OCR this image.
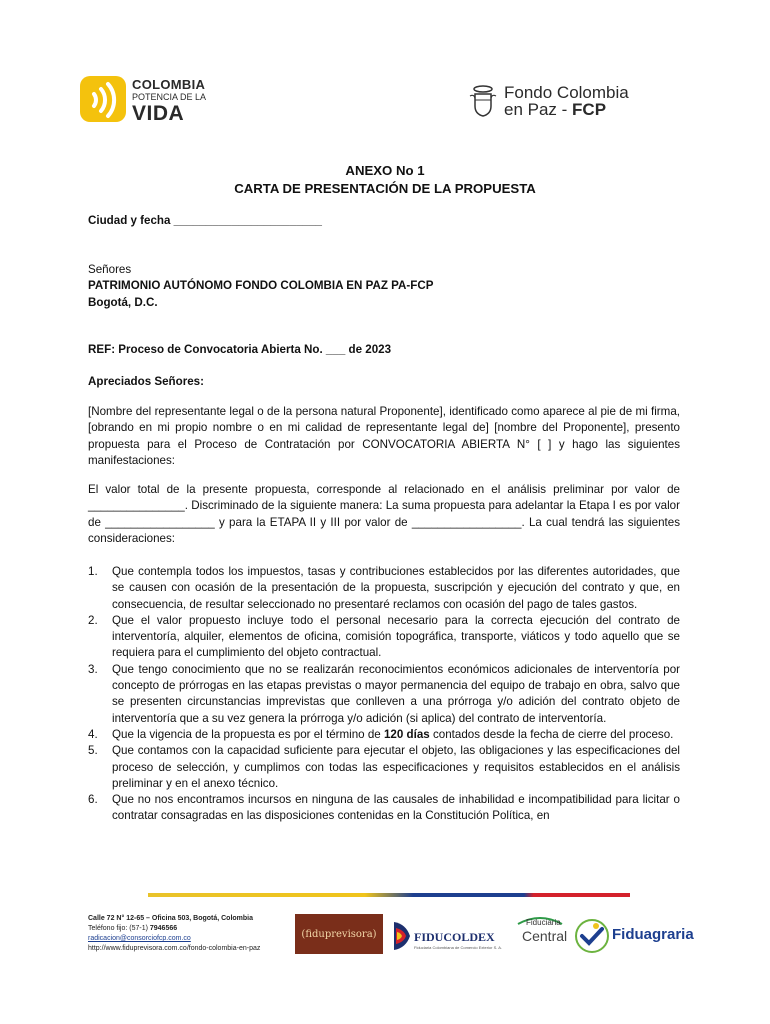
COLOMBIA
POTENCIA DE LA
VIDA
Fondo Colombia
en Paz - FCP
ANEXO No 1
CARTA DE PRESENTACIÓN DE LA PROPUESTA
Ciudad y fecha _______________________
Señores
PATRIMONIO AUTÓNOMO FONDO COLOMBIA EN PAZ PA-FCP
Bogotá, D.C.
REF: Proceso de Convocatoria Abierta No. ___ de 2023
Apreciados Señores:

[Nombre del representante legal o de la persona natural Proponente], identificado como aparece al pie de mi firma, [obrando en mi propio nombre o en mi calidad de representante legal de] [nombre del Proponente], presento propuesta para el Proceso de Contratación por CONVOCATORIA ABIERTA N° [ ] y hago las siguientes manifestaciones:

El valor total de la presente propuesta, corresponde al relacionado en el análisis preliminar por valor de _______________. Discriminado de la siguiente manera: La suma propuesta para adelantar la Etapa I es por valor de _________________ y para la ETAPA II y III por valor de _________________. La cual tendrá las siguientes consideraciones:

1. Que contempla todos los impuestos, tasas y contribuciones establecidos por las diferentes autoridades, que se causen con ocasión de la presentación de la propuesta, suscripción y ejecución del contrato y que, en consecuencia, de resultar seleccionado no presentaré reclamos con ocasión del pago de tales gastos.
2. Que el valor propuesto incluye todo el personal necesario para la correcta ejecución del contrato de interventoría, alquiler, elementos de oficina, comisión topográfica, transporte, viáticos y todo aquello que se requiera para el cumplimiento del objeto contractual.
3. Que tengo conocimiento que no se realizarán reconocimientos económicos adicionales de interventoría por concepto de prórrogas en las etapas previstas o mayor permanencia del equipo de trabajo en obra, salvo que se presenten circunstancias imprevistas que conlleven a una prórroga y/o adición del contrato objeto de interventoría que a su vez genera la prórroga y/o adición (si aplica) del contrato de interventoría.
4. Que la vigencia de la propuesta es por el término de 120 días contados desde la fecha de cierre del proceso.
5. Que contamos con la capacidad suficiente para ejecutar el objeto, las obligaciones y las especificaciones del proceso de selección, y cumplimos con todas las especificaciones y requisitos establecidos en el análisis preliminar y en el anexo técnico.
6. Que no nos encontramos incursos en ninguna de las causales de inhabilidad e incompatibilidad para licitar o contratar consagradas en las disposiciones contenidas en la Constitución Política, en
Calle 72 N° 12-65 – Oficina 503, Bogotá, Colombia
Teléfono fijo: (57-1) 7946566
radicacion@consorciofcp.com.co
http://www.fiduprevisora.com.co/fondo-colombia-en-paz
(fiduprevisora)	FIDUCOLDEX
Fiduciaria Colombiana de Comercio Exterior S. A.
Fiduciaria
Central	Fiduagraria
